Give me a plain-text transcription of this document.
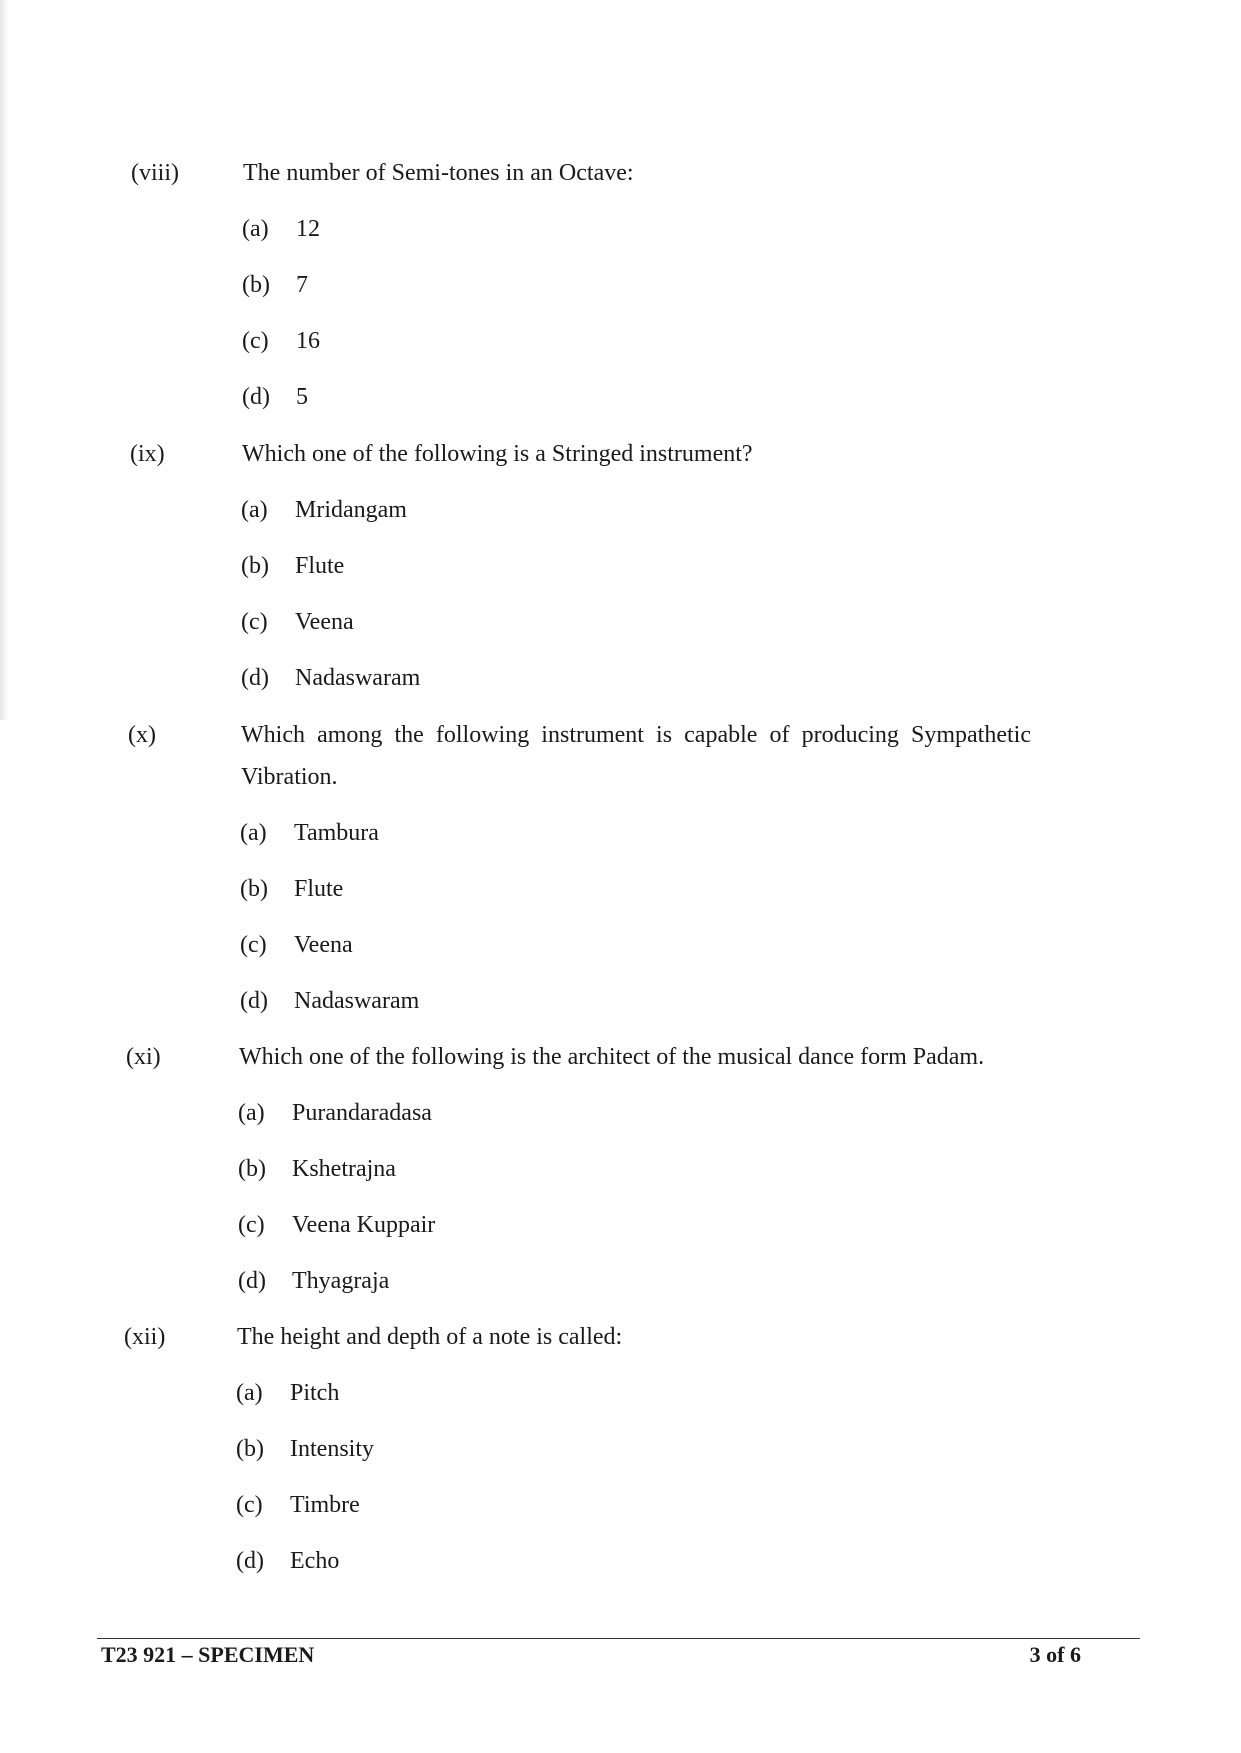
(viii)	The number of Semi-tones in an Octave:
(a) 12
(b) 7
(c) 16
(d) 5
(ix)	Which one of the following is a Stringed instrument?
(a) Mridangam
(b) Flute
(c) Veena
(d) Nadaswaram
(x)	Which among the following instrument is capable of producing Sympathetic Vibration.
(a) Tambura
(b) Flute
(c) Veena
(d) Nadaswaram
(xi)	Which one of the following is the architect of the musical dance form Padam.
(a) Purandaradasa
(b) Kshetrajna
(c) Veena Kuppair
(d) Thyagraja
(xii)	The height and depth of a note is called:
(a) Pitch
(b) Intensity
(c) Timbre
(d) Echo
T23 921 – SPECIMEN	3 of 6
